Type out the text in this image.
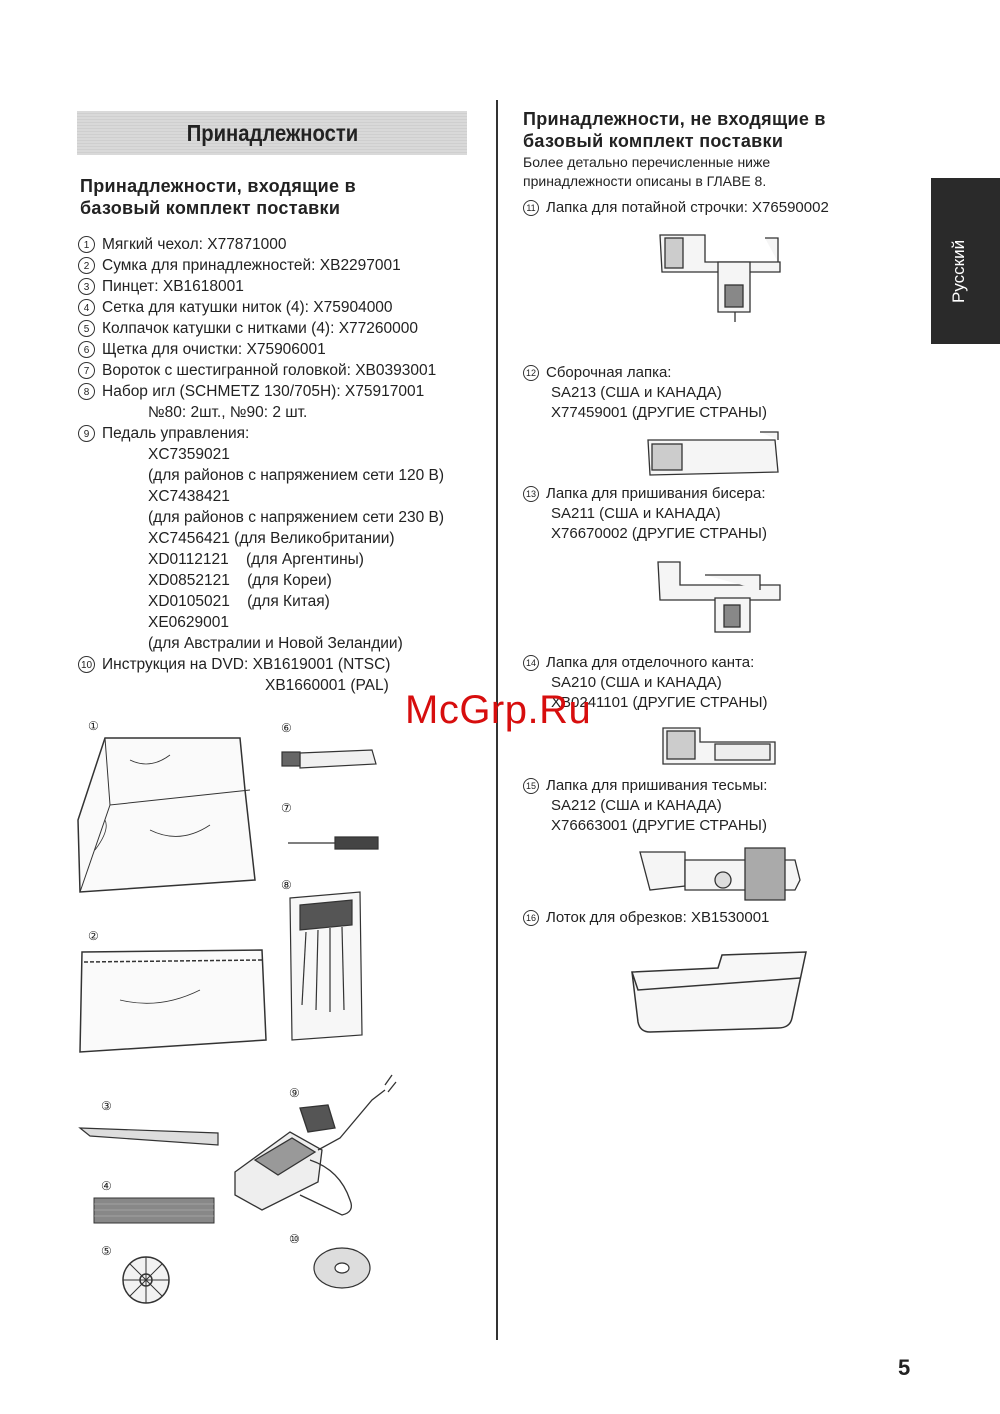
Принадлежности
Принадлежности, входящие в
базовый комплект поставки
1 Мягкий чехол: X77871000
2 Сумка для принадлежностей: XB2297001
3 Пинцет: XB1618001
4 Сетка для катушки ниток (4): X75904000
5 Колпачок катушки с нитками (4): X77260000
6 Щетка для очистки: X75906001
7 Вороток с шестигранной головкой: XB0393001
8 Набор игл (SCHMETZ 130/705H): X75917001
№80: 2шт., №90: 2 шт.
9 Педаль управления:
XC7359021
(для районов с напряжением сети 120 В)
XC7438421
(для районов с напряжением сети 230 В)
XC7456421 (для Великобритании)
XD0112121    (для Аргентины)
XD0852121    (для Кореи)
XD0105021    (для Китая)
XE0629001
(для Австралии и Новой Зеландии)
10 Инструкция на DVD: XB1619001 (NTSC)
XB1660001 (PAL)
①
②
③
④
⑤
⑥
⑦
⑧
⑨
⑩
Принадлежности, не входящие в
базовый комплект поставки
Более детально перечисленные ниже
принадлежности описаны в ГЛАВЕ 8.
11 Лапка для потайной строчки: X76590002
12 Сборочная лапка:
SA213 (США и КАНАДА)
X77459001 (ДРУГИЕ СТРАНЫ)
13 Лапка для пришивания бисера:
SA211 (США и КАНАДА)
X76670002 (ДРУГИЕ СТРАНЫ)
14 Лапка для отделочного канта:
SA210 (США и КАНАДА)
XB0241101 (ДРУГИЕ СТРАНЫ)
15 Лапка для пришивания тесьмы:
SA212 (США и КАНАДА)
X76663001 (ДРУГИЕ СТРАНЫ)
16 Лоток для обрезков: XB1530001
Русский
McGrp.Ru
5
